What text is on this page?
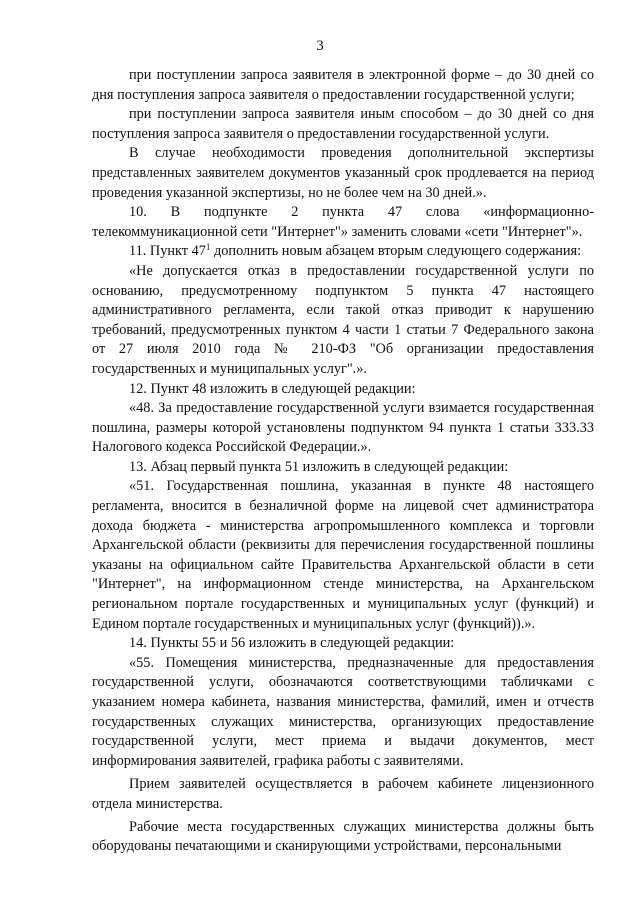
3

при поступлении запроса заявителя в электронной форме – до 30 дней со дня поступления запроса заявителя о предоставлении государственной услуги;

при поступлении запроса заявителя иным способом – до 30 дней со дня поступления запроса заявителя о предоставлении государственной услуги.

В случае необходимости проведения дополнительной экспертизы представленных заявителем документов указанный срок продлевается на период проведения указанной экспертизы, но не более чем на 30 дней.».

10. В подпункте 2 пункта 47 слова «информационно-телекоммуникационной сети "Интернет"» заменить словами «сети "Интернет"».

11. Пункт $47^1$ дополнить новым абзацем вторым следующего содержания:

«Не допускается отказ в предоставлении государственной услуги по основанию, предусмотренному подпунктом 5 пункта 47 настоящего административного регламента, если такой отказ приводит к нарушению требований, предусмотренных пунктом 4 части 1 статьи 7 Федерального закона от 27 июля 2010 года № 210-ФЗ "Об организации предоставления государственных и муниципальных услуг".».

12. Пункт 48 изложить в следующей редакции:

«48. За предоставление государственной услуги взимается государственная пошлина, размеры которой установлены подпунктом 94 пункта 1 статьи 333.33 Налогового кодекса Российской Федерации.».

13. Абзац первый пункта 51 изложить в следующей редакции:

«51. Государственная пошлина, указанная в пункте 48 настоящего регламента, вносится в безналичной форме на лицевой счет администратора дохода бюджета - министерства агропромышленного комплекса и торговли Архангельской области (реквизиты для перечисления государственной пошлины указаны на официальном сайте Правительства Архангельской области в сети "Интернет", на информационном стенде министерства, на Архангельском региональном портале государственных и муниципальных услуг (функций) и Едином портале государственных и муниципальных услуг (функций)).».

14. Пункты 55 и 56 изложить в следующей редакции:

«55. Помещения министерства, предназначенные для предоставления государственной услуги, обозначаются соответствующими табличками с указанием номера кабинета, названия министерства, фамилий, имен и отчеств государственных служащих министерства, организующих предоставление государственной услуги, мест приема и выдачи документов, мест информирования заявителей, графика работы с заявителями.

Прием заявителей осуществляется в рабочем кабинете лицензионного отдела министерства.

Рабочие места государственных служащих министерства должны быть оборудованы печатающими и сканирующими устройствами, персональными
